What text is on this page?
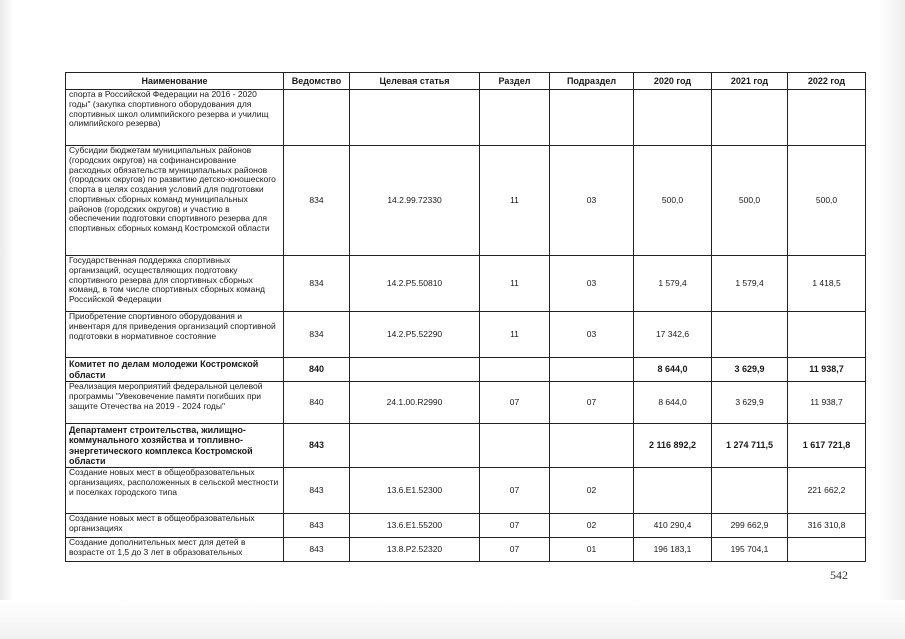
Наименование	Ведомство	Целевая статья	Раздел	Подраздел	2020 год	2021 год	2022 год
спорта в Российской Федерации на 2016 - 2020 годы" (закупка спортивного оборудования для спортивных школ олимпийского резерва и училищ олимпийского резерва)							
Субсидии бюджетам муниципальных районов (городских округов) на софинансирование расходных обязательств муниципальных районов (городских округов) по развитию детско-юношеского спорта в целях создания условий для подготовки спортивных сборных команд муниципальных районов (городских округов) и участию в обеспечении подготовки спортивного резерва для спортивных сборных команд Костромской области	834	14.2.99.72330	11	03	500,0	500,0	500,0
Государственная поддержка спортивных организаций, осуществляющих подготовку спортивного резерва для спортивных сборных команд, в том числе спортивных сборных команд Российской Федерации	834	14.2.P5.50810	11	03	1 579,4	1 579,4	1 418,5
Приобретение спортивного оборудования и инвентаря для приведения организаций спортивной подготовки в нормативное состояние	834	14.2.P5.52290	11	03	17 342,6		
Комитет по делам молодежи Костромской области	840				8 644,0	3 629,9	11 938,7
Реализация мероприятий федеральной целевой программы "Увековечение памяти погибших при защите Отечества на 2019 - 2024 годы"	840	24.1.00.R2990	07	07	8 644,0	3 629,9	11 938,7
Департамент строительства, жилищно-коммунального хозяйства и топливно-энергетического комплекса Костромской области	843				2 116 892,2	1 274 711,5	1 617 721,8
Создание новых мест в общеобразовательных организациях, расположенных в сельской местности и поселках городского типа	843	13.6.E1.52300	07	02			221 662,2
Создание новых мест в общеобразовательных организациях	843	13.6.E1.55200	07	02	410 290,4	299 662,9	316 310,8
Создание дополнительных мест для детей в возрасте от 1,5 до 3 лет в образовательных	843	13.8.P2.52320	07	01	196 183,1	195 704,1	
542
